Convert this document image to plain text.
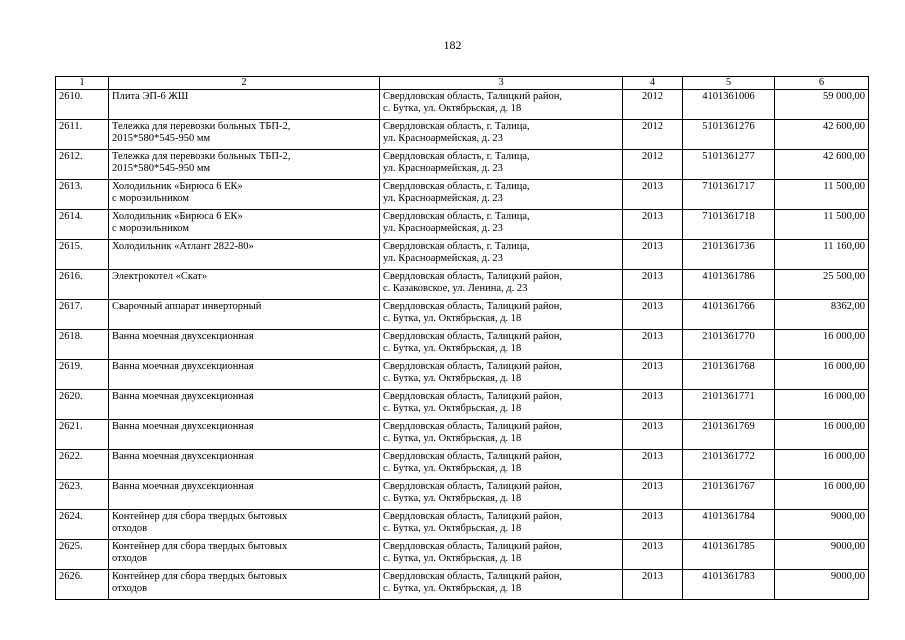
182
1	2	3	4	5	6
2610.	Плита ЭП-6 ЖШ	Свердловская область, Талицкий район,
с. Бутка, ул. Октябрьская, д. 18	2012	4101361006	59 000,00
2611.	Тележка для перевозки больных ТБП-2,
2015*580*545-950 мм	Свердловская область, г. Талица,
ул. Красноармейская, д. 23	2012	5101361276	42 600,00
2612.	Тележка для перевозки больных ТБП-2,
2015*580*545-950 мм	Свердловская область, г. Талица,
ул. Красноармейская, д. 23	2012	5101361277	42 600,00
2613.	Холодильник «Бирюса 6 ЕК»
с морозильником	Свердловская область, г. Талица,
ул. Красноармейская, д. 23	2013	7101361717	11 500,00
2614.	Холодильник «Бирюса 6 ЕК»
с морозильником	Свердловская область, г. Талица,
ул. Красноармейская, д. 23	2013	7101361718	11 500,00
2615.	Холодильник «Атлант 2822-80»	Свердловская область, г. Талица,
ул. Красноармейская, д. 23	2013	2101361736	11 160,00
2616.	Электрокотел «Скат»	Свердловская область, Талицкий район,
с. Казаковское, ул. Ленина, д. 23	2013	4101361786	25 500,00
2617.	Сварочный аппарат инверторный	Свердловская область, Талицкий район,
с. Бутка, ул. Октябрьская, д. 18	2013	4101361766	8362,00
2618.	Ванна моечная двухсекционная	Свердловская область, Талицкий район,
с. Бутка, ул. Октябрьская, д. 18	2013	2101361770	16 000,00
2619.	Ванна моечная двухсекционная	Свердловская область, Талицкий район,
с. Бутка, ул. Октябрьская, д. 18	2013	2101361768	16 000,00
2620.	Ванна моечная двухсекционная	Свердловская область, Талицкий район,
с. Бутка, ул. Октябрьская, д. 18	2013	2101361771	16 000,00
2621.	Ванна моечная двухсекционная	Свердловская область, Талицкий район,
с. Бутка, ул. Октябрьская, д. 18	2013	2101361769	16 000,00
2622.	Ванна моечная двухсекционная	Свердловская область, Талицкий район,
с. Бутка, ул. Октябрьская, д. 18	2013	2101361772	16 000,00
2623.	Ванна моечная двухсекционная	Свердловская область, Талицкий район,
с. Бутка, ул. Октябрьская, д. 18	2013	2101361767	16 000,00
2624.	Контейнер для сбора твердых бытовых
отходов	Свердловская область, Талицкий район,
с. Бутка, ул. Октябрьская, д. 18	2013	4101361784	9000,00
2625.	Контейнер для сбора твердых бытовых
отходов	Свердловская область, Талицкий район,
с. Бутка, ул. Октябрьская, д. 18	2013	4101361785	9000,00
2626.	Контейнер для сбора твердых бытовых
отходов	Свердловская область, Талицкий район,
с. Бутка, ул. Октябрьская, д. 18	2013	4101361783	9000,00
